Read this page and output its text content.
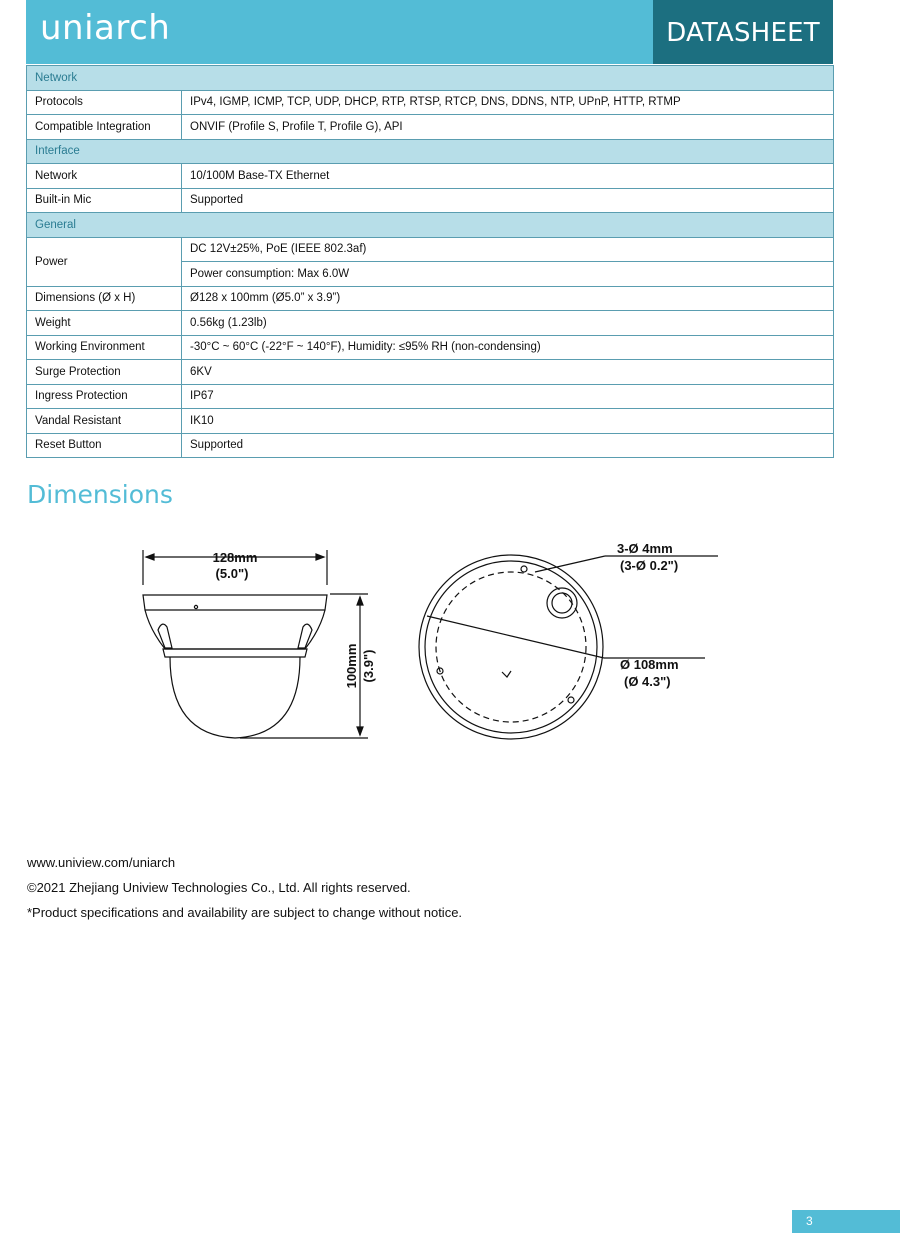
uniarch	DATASHEET
Network	
Protocols	IPv4, IGMP, ICMP, TCP, UDP, DHCP, RTP, RTSP, RTCP, DNS, DDNS, NTP, UPnP, HTTP, RTMP
Compatible Integration	ONVIF (Profile S, Profile T, Profile G), API
Interface	
Network	10/100M Base-TX Ethernet
Built-in Mic	Supported
General	
Power	DC 12V±25%, PoE (IEEE 802.3af)
	Power consumption: Max 6.0W
Dimensions (Ø x H)	Ø128 x 100mm (Ø5.0” x 3.9”)
Weight	0.56kg (1.23lb)
Working Environment	-30°C ~ 60°C (-22°F ~ 140°F), Humidity: ≤95% RH (non-condensing)
Surge Protection	6KV
Ingress Protection	IP67
Vandal Resistant	IK10
Reset Button	Supported
Dimensions
128mm
(5.0")
100mm (3.9")
3-Ø 4mm
(3-Ø 0.2")
Ø 108mm
(Ø 4.3")
www.uniview.com/uniarch
©2021 Zhejiang Uniview Technologies Co., Ltd. All rights reserved.
*Product specifications and availability are subject to change without notice.
3
